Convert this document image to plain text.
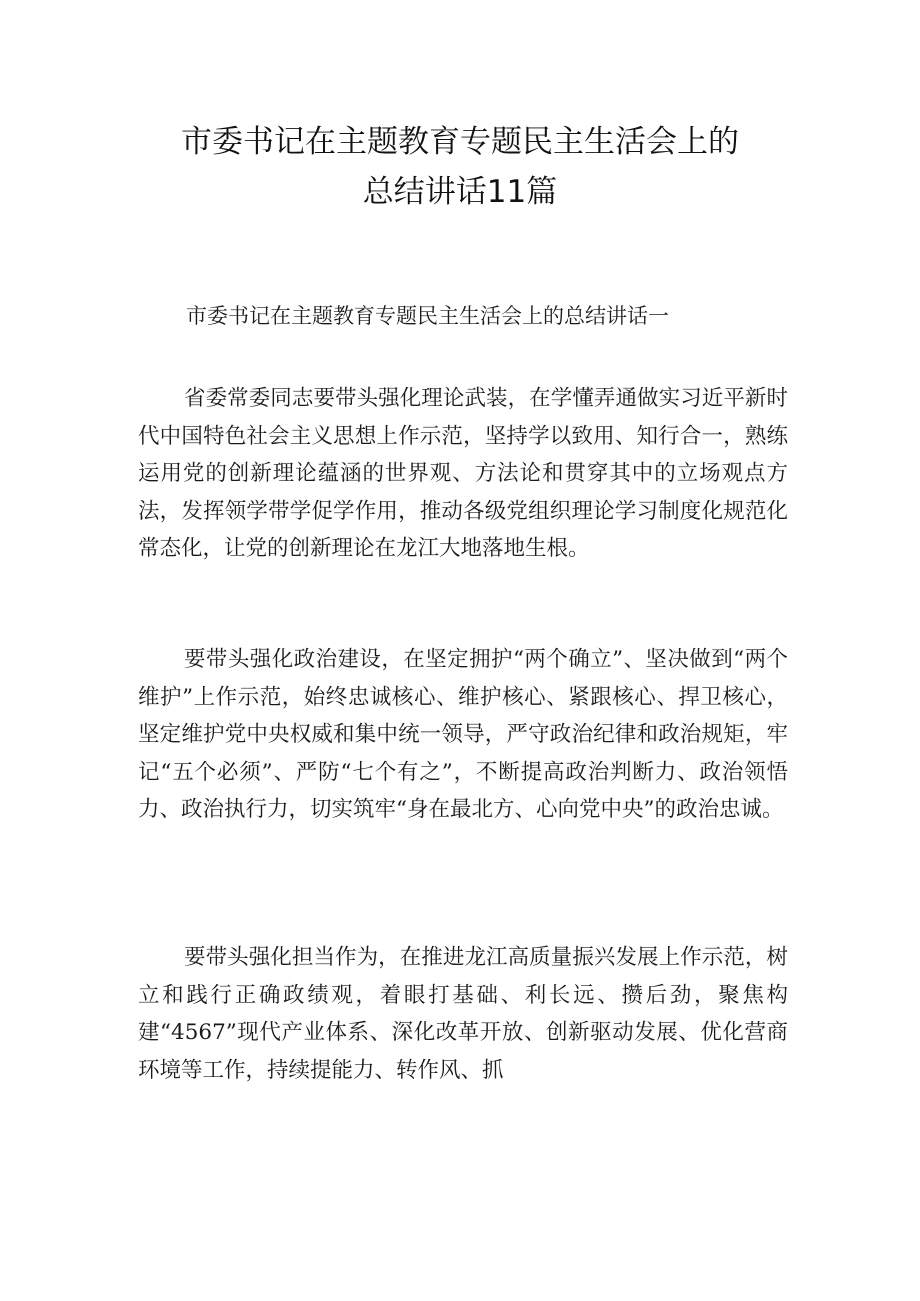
市委书记在主题教育专题民主生活会上的
总结讲话11篇
市委书记在主题教育专题民主生活会上的总结讲话一
省委常委同志要带头强化理论武装，在学懂弄通做实习近平新时代中国特色社会主义思想上作示范，坚持学以致用、知行合一，熟练运用党的创新理论蕴涵的世界观、方法论和贯穿其中的立场观点方法，发挥领学带学促学作用，推动各级党组织理论学习制度化规范化常态化，让党的创新理论在龙江大地落地生根。
要带头强化政治建设，在坚定拥护“两个确立”、坚决做到“两个维护”上作示范，始终忠诚核心、维护核心、紧跟核心、捍卫核心，坚定维护党中央权威和集中统一领导，严守政治纪律和政治规矩，牢记“五个必须”、严防“七个有之”，不断提高政治判断力、政治领悟力、政治执行力，切实筑牢“身在最北方、心向党中央”的政治忠诚。
要带头强化担当作为，在推进龙江高质量振兴发展上作示范，树立和践行正确政绩观，着眼打基础、利长远、攒后劲，聚焦构建“4567”现代产业体系、深化改革开放、创新驱动发展、优化营商环境等工作，持续提能力、转作风、抓
